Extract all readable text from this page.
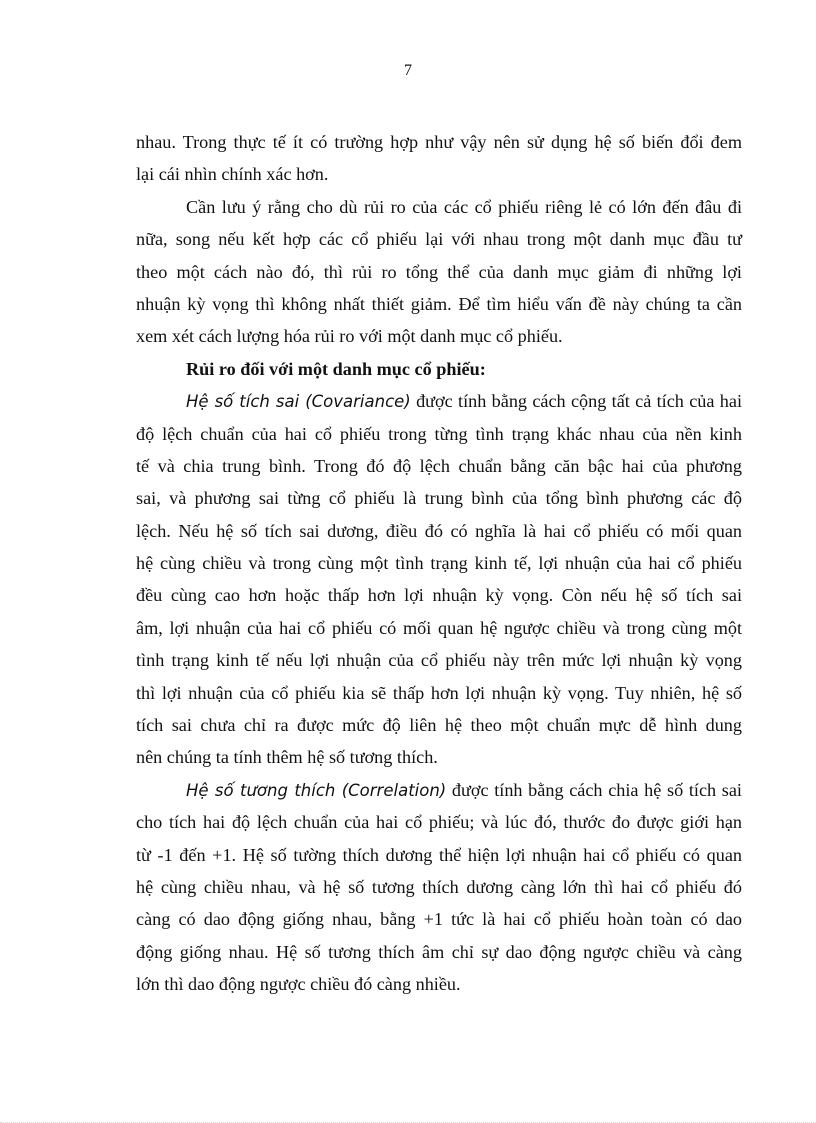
7
nhau. Trong thực tế ít có trường hợp như vậy nên sử dụng hệ số biến đổi đem
lại cái nhìn chính xác hơn.
Cần lưu ý rằng cho dù rủi ro của các cổ phiếu riêng lẻ có lớn đến đâu đi
nữa, song nếu kết hợp các cổ phiếu lại với nhau trong một danh mục đầu tư
theo một cách nào đó, thì rủi ro tổng thể của danh mục giảm đi những lợi
nhuận kỳ vọng thì không nhất thiết giảm. Để tìm hiểu vấn đề này chúng ta cần
xem xét cách lượng hóa rủi ro với một danh mục cổ phiếu.
Rủi ro đối với một danh mục cổ phiếu:
Hệ số tích sai (Covariance) được tính bằng cách cộng tất cả tích của hai
độ lệch chuẩn của hai cổ phiếu trong từng tình trạng khác nhau của nền kinh
tế và chia trung bình. Trong đó độ lệch chuẩn bằng căn bậc hai của phương
sai, và phương sai từng cổ phiếu là trung bình của tổng bình phương các độ
lệch. Nếu hệ số tích sai dương, điều đó có nghĩa là hai cổ phiếu có mối quan
hệ cùng chiều và trong cùng một tình trạng kinh tế, lợi nhuận của hai cổ phiếu
đều cùng cao hơn hoặc thấp hơn lợi nhuận kỳ vọng. Còn nếu hệ số tích sai
âm, lợi nhuận của hai cổ phiếu có mối quan hệ ngược chiều và trong cùng một
tình trạng kinh tế nếu lợi nhuận của cổ phiếu này trên mức lợi nhuận kỳ vọng
thì lợi nhuận của cổ phiếu kia sẽ thấp hơn lợi nhuận kỳ vọng. Tuy nhiên, hệ số
tích sai chưa chỉ ra được mức độ liên hệ theo một chuẩn mực dễ hình dung
nên chúng ta tính thêm hệ số tương thích.
Hệ số tương thích (Correlation) được tính bằng cách chia hệ số tích sai
cho tích hai độ lệch chuẩn của hai cổ phiếu; và lúc đó, thước đo được giới hạn
từ -1 đến +1. Hệ số tường thích dương thể hiện lợi nhuận hai cổ phiếu có quan
hệ cùng chiều nhau, và hệ số tương thích dương càng lớn thì hai cổ phiếu đó
càng có dao động giống nhau, bằng +1 tức là hai cổ phiếu hoàn toàn có dao
động giống nhau. Hệ số tương thích âm chỉ sự dao động ngược chiều và càng
lớn thì dao động ngược chiều đó càng nhiều.
